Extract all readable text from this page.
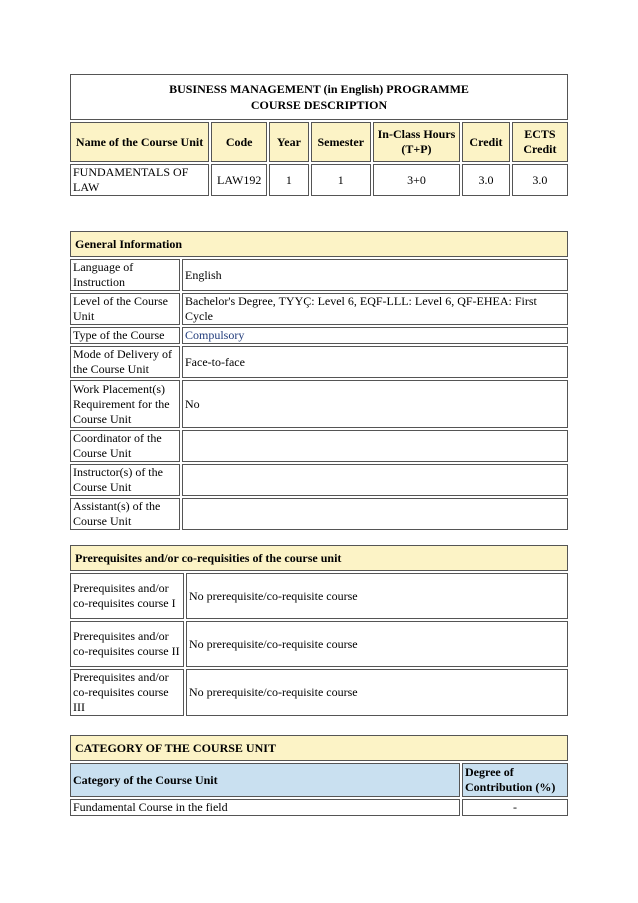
BUSINESS MANAGEMENT (in English) PROGRAMME
COURSE DESCRIPTION						
Name of the Course Unit	Code	Year	Semester	In-Class Hours (T+P)	Credit	ECTS Credit
FUNDAMENTALS OF LAW	LAW192	1	1	3+0	3.0	3.0
General Information	
Language of Instruction	English
Level of the Course Unit	Bachelor's Degree, TYYÇ: Level 6, EQF-LLL: Level 6, QF-EHEA: First Cycle
Type of the Course	Compulsory
Mode of Delivery of the Course Unit	Face-to-face
Work Placement(s) Requirement for the Course Unit	No
Coordinator of the Course Unit	
Instructor(s) of the Course Unit	
Assistant(s) of the Course Unit	
Prerequisites and/or co-requisities of the course unit	
Prerequisites and/or co-requisites course I	No prerequisite/co-requisite course
Prerequisites and/or co-requisites course II	No prerequisite/co-requisite course
Prerequisites and/or co-requisites course III	No prerequisite/co-requisite course
CATEGORY OF THE COURSE UNIT	
Category of the Course Unit	Degree of Contribution (%)
Fundamental Course in the field	-
